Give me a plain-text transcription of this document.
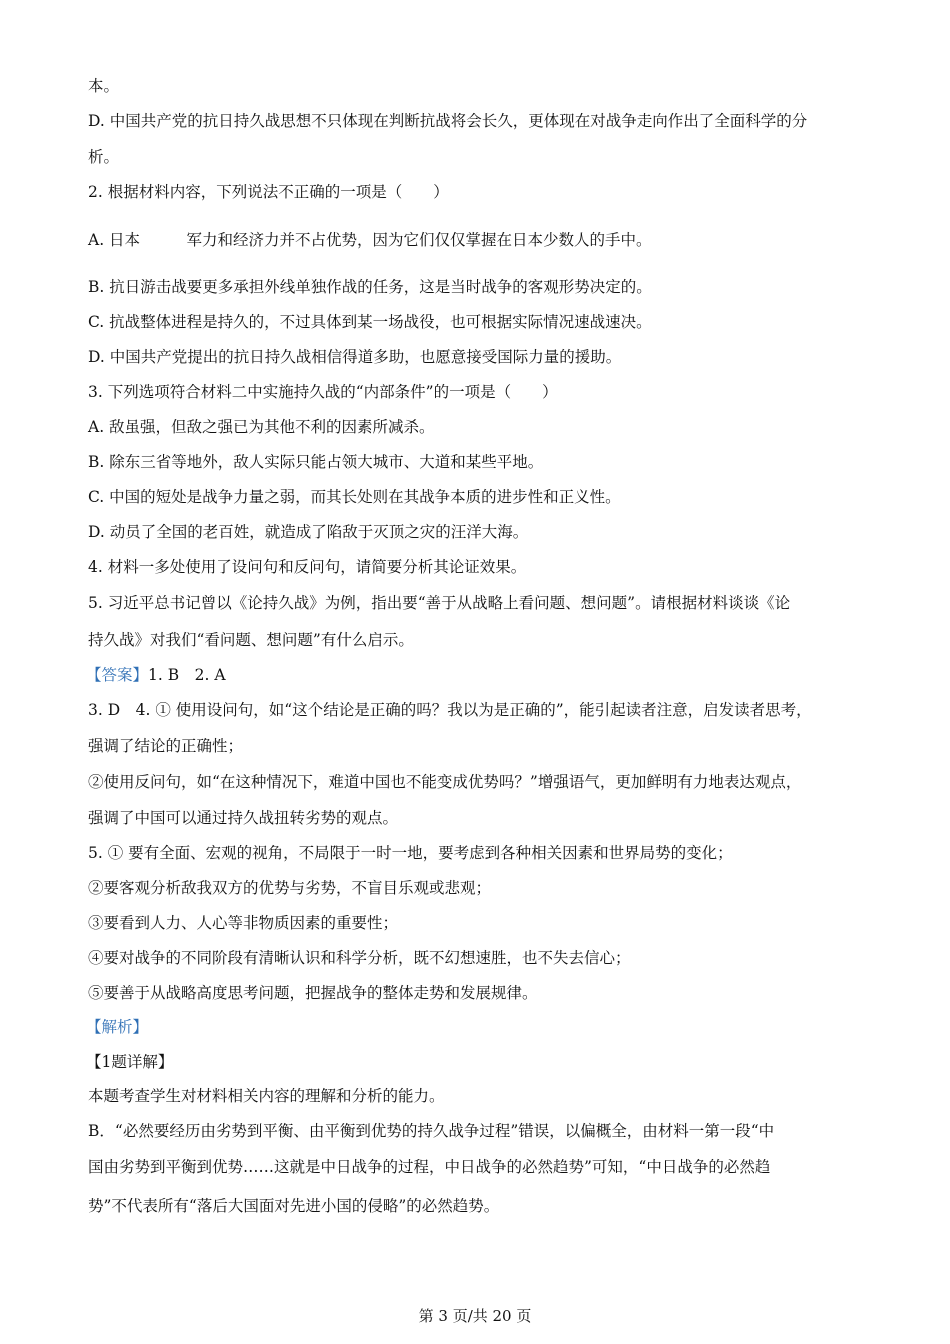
本。
D. 中国共产党的抗日持久战思想不只体现在判断抗战将会长久，更体现在对战争走向作出了全面科学的分
析。
2. 根据材料内容，下列说法不正确的一项是（　　）
A. 日本　　　军力和经济力并不占优势，因为它们仅仅掌握在日本少数人的手中。
B. 抗日游击战要更多承担外线单独作战的任务，这是当时战争的客观形势决定的。
C. 抗战整体进程是持久的，不过具体到某一场战役，也可根据实际情况速战速决。
D. 中国共产党提出的抗日持久战相信得道多助，也愿意接受国际力量的援助。
3. 下列选项符合材料二中实施持久战的“内部条件”的一项是（　　）
A. 敌虽强，但敌之强已为其他不利的因素所减杀。
B. 除东三省等地外，敌人实际只能占领大城市、大道和某些平地。
C. 中国的短处是战争力量之弱，而其长处则在其战争本质的进步性和正义性。
D. 动员了全国的老百姓，就造成了陷敌于灭顶之灾的汪洋大海。
4. 材料一多处使用了设问句和反问句，请简要分析其论证效果。
5. 习近平总书记曾以《论持久战》为例，指出要“善于从战略上看问题、想问题”。请根据材料谈谈《论
持久战》对我们“看问题、想问题”有什么启示。
【答案】1. B　2. A
3. D　4. ① 使用设问句，如“这个结论是正确的吗？我以为是正确的”，能引起读者注意，启发读者思考，
强调了结论的正确性；
②使用反问句，如“在这种情况下，难道中国也不能变成优势吗？”增强语气，更加鲜明有力地表达观点，
强调了中国可以通过持久战扭转劣势的观点。
5. ① 要有全面、宏观的视角，不局限于一时一地，要考虑到各种相关因素和世界局势的变化；
②要客观分析敌我双方的优势与劣势，不盲目乐观或悲观；
③要看到人力、人心等非物质因素的重要性；
④要对战争的不同阶段有清晰认识和科学分析，既不幻想速胜，也不失去信心；
⑤要善于从战略高度思考问题，把握战争的整体走势和发展规律。
【解析】
【1题详解】
本题考查学生对材料相关内容的理解和分析的能力。
B．“必然要经历由劣势到平衡、由平衡到优势的持久战争过程”错误，以偏概全，由材料一第一段“中
国由劣势到平衡到优势……这就是中日战争的过程，中日战争的必然趋势”可知，“中日战争的必然趋
势”不代表所有“落后大国面对先进小国的侵略”的必然趋势。
第 3 页/共 20 页
